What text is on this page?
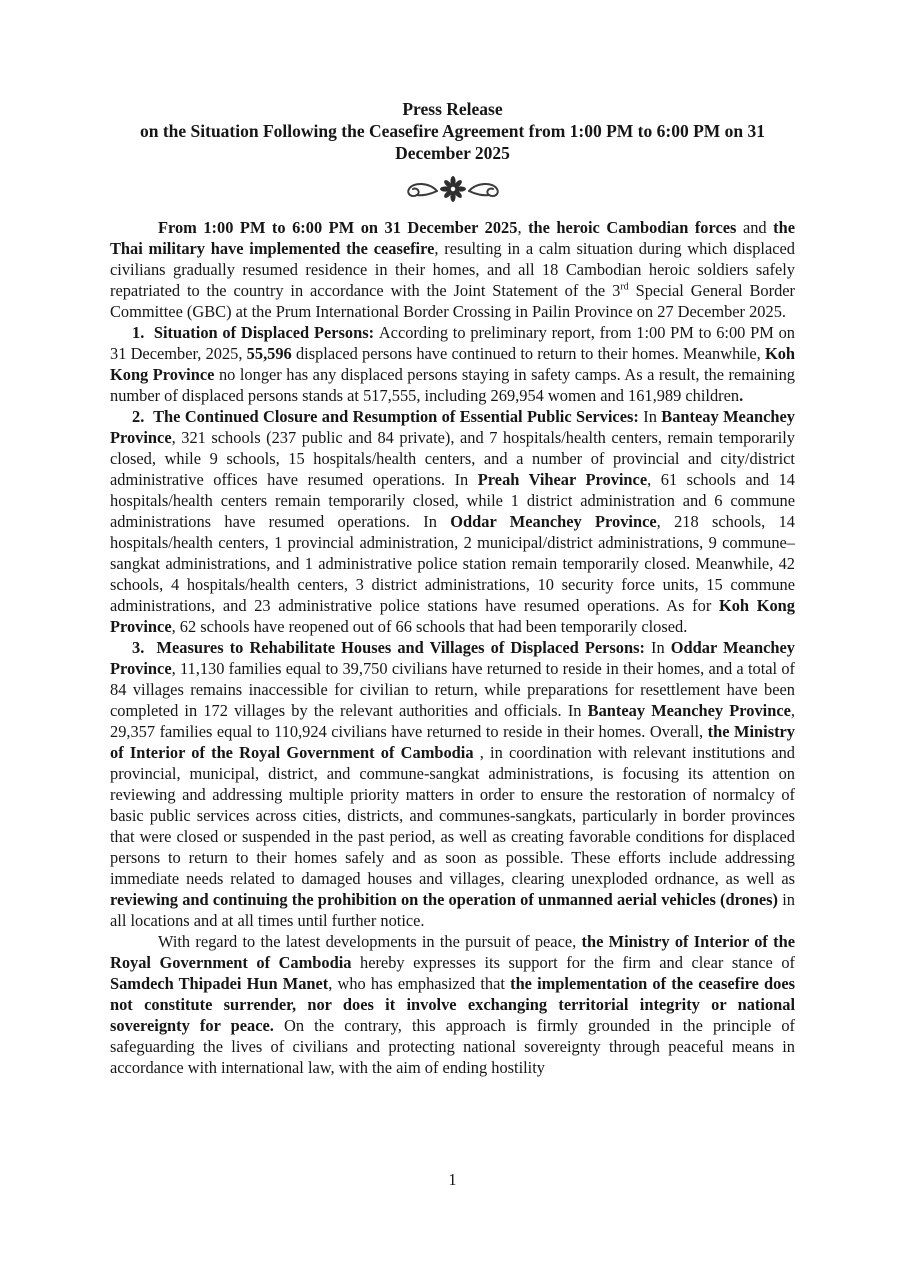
Press Release
on the Situation Following the Ceasefire Agreement from 1:00 PM to 6:00 PM on 31 December 2025

From 1:00 PM to 6:00 PM on 31 December 2025, the heroic Cambodian forces and the Thai military have implemented the ceasefire, resulting in a calm situation during which displaced civilians gradually resumed residence in their homes, and all 18 Cambodian heroic soldiers safely repatriated to the country in accordance with the Joint Statement of the 3rd Special General Border Committee (GBC) at the Prum International Border Crossing in Pailin Province on 27 December 2025.

1.  Situation of Displaced Persons: According to preliminary report, from 1:00 PM to 6:00 PM on 31 December, 2025, 55,596 displaced persons have continued to return to their homes. Meanwhile, Koh Kong Province no longer has any displaced persons staying in safety camps. As a result, the remaining number of displaced persons stands at 517,555, including 269,954 women and 161,989 children.

2.  The Continued Closure and Resumption of Essential Public Services: In Banteay Meanchey Province, 321 schools (237 public and 84 private), and 7 hospitals/health centers, remain temporarily closed, while 9 schools, 15 hospitals/health centers, and a number of provincial and city/district administrative offices have resumed operations. In Preah Vihear Province, 61 schools and 14 hospitals/health centers remain temporarily closed, while 1 district administration and 6 commune administrations have resumed operations. In Oddar Meanchey Province, 218 schools, 14 hospitals/health centers, 1 provincial administration, 2 municipal/district administrations, 9 commune–sangkat administrations, and 1 administrative police station remain temporarily closed. Meanwhile, 42 schools, 4 hospitals/health centers, 3 district administrations, 10 security force units, 15 commune administrations, and 23 administrative police stations have resumed operations. As for Koh Kong Province, 62 schools have reopened out of 66 schools that had been temporarily closed.

3.  Measures to Rehabilitate Houses and Villages of Displaced Persons: In Oddar Meanchey Province, 11,130 families equal to 39,750 civilians have returned to reside in their homes, and a total of 84 villages remains inaccessible for civilian to return, while preparations for resettlement have been completed in 172 villages by the relevant authorities and officials. In Banteay Meanchey Province, 29,357 families equal to 110,924 civilians have returned to reside in their homes. Overall, the Ministry of Interior of the Royal Government of Cambodia , in coordination with relevant institutions and provincial, municipal, district, and commune-sangkat administrations, is focusing its attention on reviewing and addressing multiple priority matters in order to ensure the restoration of normalcy of basic public services across cities, districts, and communes-sangkats, particularly in border provinces that were closed or suspended in the past period, as well as creating favorable conditions for displaced persons to return to their homes safely and as soon as possible. These efforts include addressing immediate needs related to damaged houses and villages, clearing unexploded ordnance, as well as reviewing and continuing the prohibition on the operation of unmanned aerial vehicles (drones) in all locations and at all times until further notice.

With regard to the latest developments in the pursuit of peace, the Ministry of Interior of the Royal Government of Cambodia hereby expresses its support for the firm and clear stance of Samdech Thipadei Hun Manet, who has emphasized that the implementation of the ceasefire does not constitute surrender, nor does it involve exchanging territorial integrity or national sovereignty for peace. On the contrary, this approach is firmly grounded in the principle of safeguarding the lives of civilians and protecting national sovereignty through peaceful means in accordance with international law, with the aim of ending hostility

1
